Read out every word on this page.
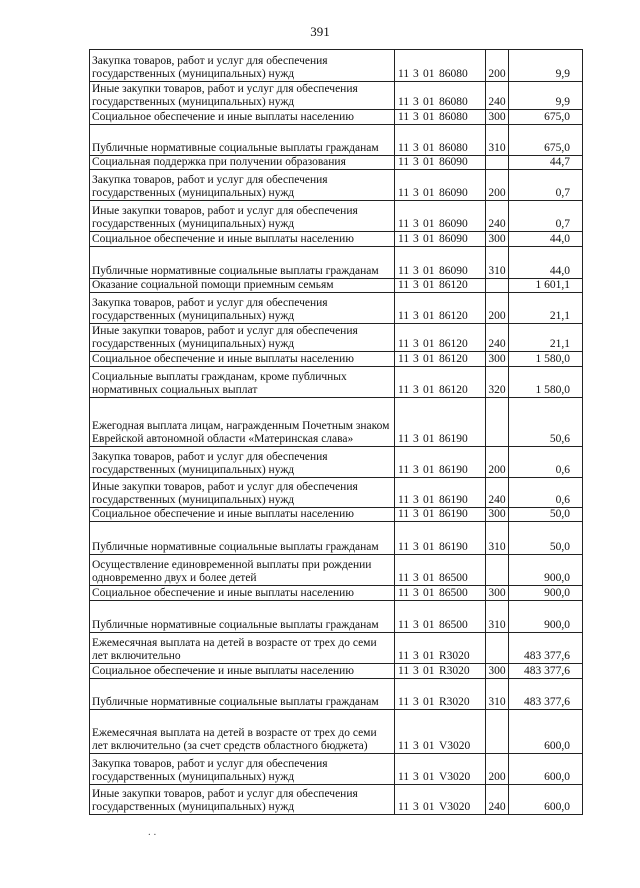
391
Закупка товаров, работ и услуг для обеспечения государственных (муниципальных) нужд	11 3 01 86080	200	9,9
Иные закупки товаров, работ и услуг для обеспечения государственных (муниципальных) нужд	11 3 01 86080	240	9,9
Социальное обеспечение и иные выплаты населению	11 3 01 86080	300	675,0
Публичные нормативные социальные выплаты гражданам	11 3 01 86080	310	675,0
Социальная поддержка при получении образования	11 3 01 86090		44,7
Закупка товаров, работ и услуг для обеспечения государственных (муниципальных) нужд	11 3 01 86090	200	0,7
Иные закупки товаров, работ и услуг для обеспечения государственных (муниципальных) нужд	11 3 01 86090	240	0,7
Социальное обеспечение и иные выплаты населению	11 3 01 86090	300	44,0
Публичные нормативные социальные выплаты гражданам	11 3 01 86090	310	44,0
Оказание социальной помощи приемным семьям	11 3 01 86120		1 601,1
Закупка товаров, работ и услуг для обеспечения государственных (муниципальных) нужд	11 3 01 86120	200	21,1
Иные закупки товаров, работ и услуг для обеспечения государственных (муниципальных) нужд	11 3 01 86120	240	21,1
Социальное обеспечение и иные выплаты населению	11 3 01 86120	300	1 580,0
Социальные выплаты гражданам, кроме публичных нормативных социальных выплат	11 3 01 86120	320	1 580,0
Ежегодная выплата лицам, награжденным Почетным знаком Еврейской автономной области «Материнская слава»	11 3 01 86190		50,6
Закупка товаров, работ и услуг для обеспечения государственных (муниципальных) нужд	11 3 01 86190	200	0,6
Иные закупки товаров, работ и услуг для обеспечения государственных (муниципальных) нужд	11 3 01 86190	240	0,6
Социальное обеспечение и иные выплаты населению	11 3 01 86190	300	50,0
Публичные нормативные социальные выплаты гражданам	11 3 01 86190	310	50,0
Осуществление единовременной выплаты при рождении одновременно двух и более детей	11 3 01 86500		900,0
Социальное обеспечение и иные выплаты населению	11 3 01 86500	300	900,0
Публичные нормативные социальные выплаты гражданам	11 3 01 86500	310	900,0
Ежемесячная выплата на детей в возрасте от трех до семи лет включительно	11 3 01 R3020		483 377,6
Социальное обеспечение и иные выплаты населению	11 3 01 R3020	300	483 377,6
Публичные нормативные социальные выплаты гражданам	11 3 01 R3020	310	483 377,6
Ежемесячная выплата на детей в возрасте от трех до семи лет включительно (за счет средств областного бюджета)	11 3 01 V3020		600,0
Закупка товаров, работ и услуг для обеспечения государственных (муниципальных) нужд	11 3 01 V3020	200	600,0
Иные закупки товаров, работ и услуг для обеспечения государственных (муниципальных) нужд	11 3 01 V3020	240	600,0
. .
